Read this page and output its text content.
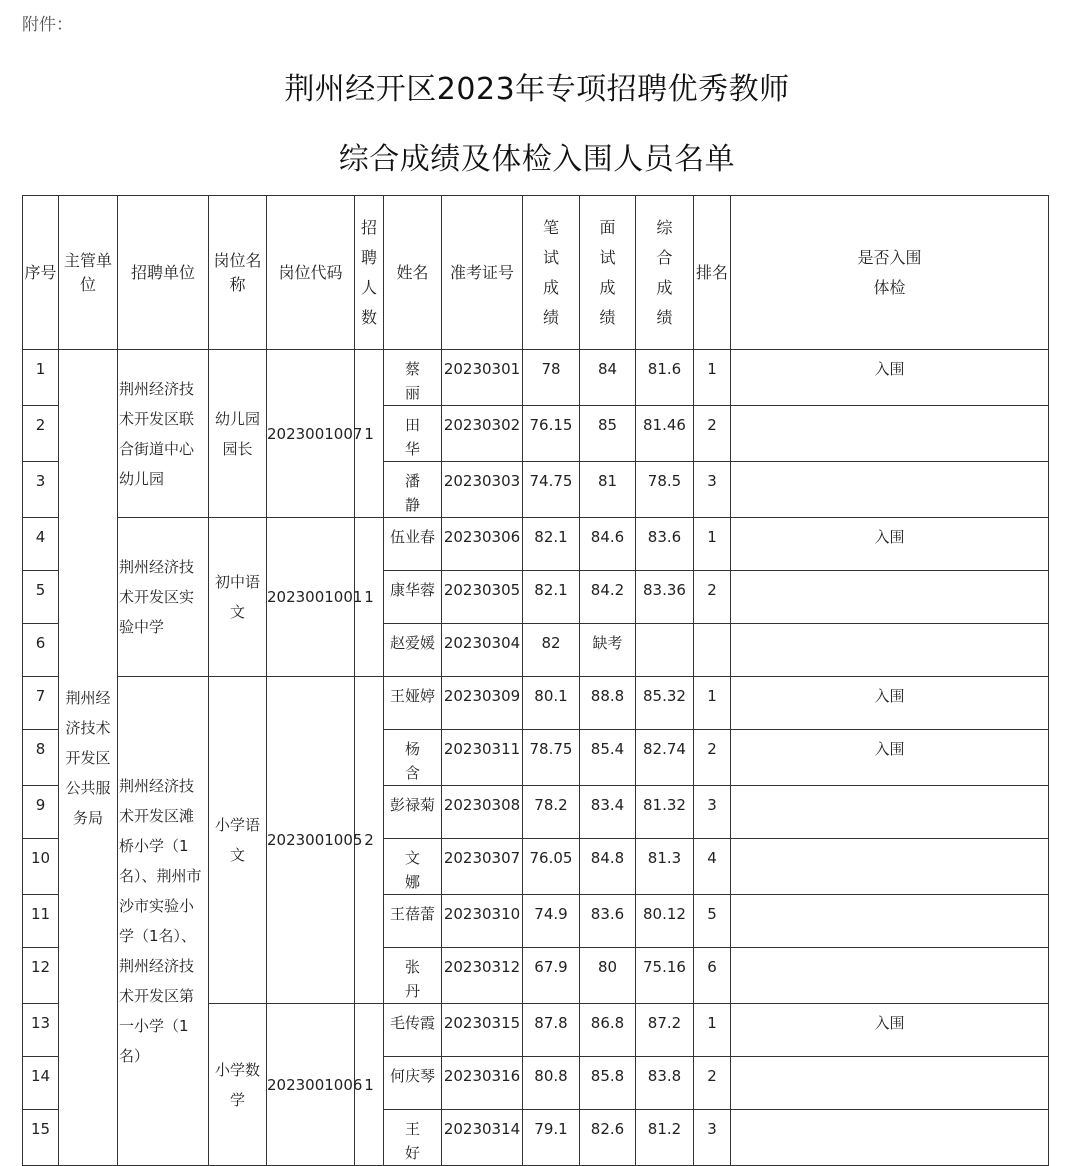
附件：
荆州经开区2023年专项招聘优秀教师
综合成绩及体检入围人员名单
序号	主管单位	招聘单位	岗位名称	岗位代码	招聘人数	姓名	准考证号	笔试成绩	面试成绩	综合成绩	排名	是否入围体检
1	荆州经济技术开发区公共服务局	荆州经济技术开发区联合街道中心幼儿园	幼儿园园长	2023001007	1	蔡　　丽	20230301	78	84	81.6	1	入围
2						田　　华	20230302	76.15	85	81.46	2	
3						潘　　静	20230303	74.75	81	78.5	3	
4		荆州经济技术开发区实验中学	初中语文	2023001001	1	伍业春	20230306	82.1	84.6	83.6	1	入围
5						康华蓉	20230305	82.1	84.2	83.36	2	
6						赵爱媛	20230304	82	缺考			
7		荆州经济技术开发区滩桥小学（1名）、荆州市沙市实验小学（1名）、荆州经济技术开发区第一小学（1名）	小学语文	2023001005	2	王娅婷	20230309	80.1	88.8	85.32	1	入围
8						杨　　含	20230311	78.75	85.4	82.74	2	入围
9						彭禄菊	20230308	78.2	83.4	81.32	3	
10						文　　娜	20230307	76.05	84.8	81.3	4	
11						王蓓蕾	20230310	74.9	83.6	80.12	5	
12						张　　丹	20230312	67.9	80	75.16	6	
13			小学数学	2023001006	1	毛传霞	20230315	87.8	86.8	87.2	1	入围
14						何庆琴	20230316	80.8	85.8	83.8	2	
15						王　　好	20230314	79.1	82.6	81.2	3	
